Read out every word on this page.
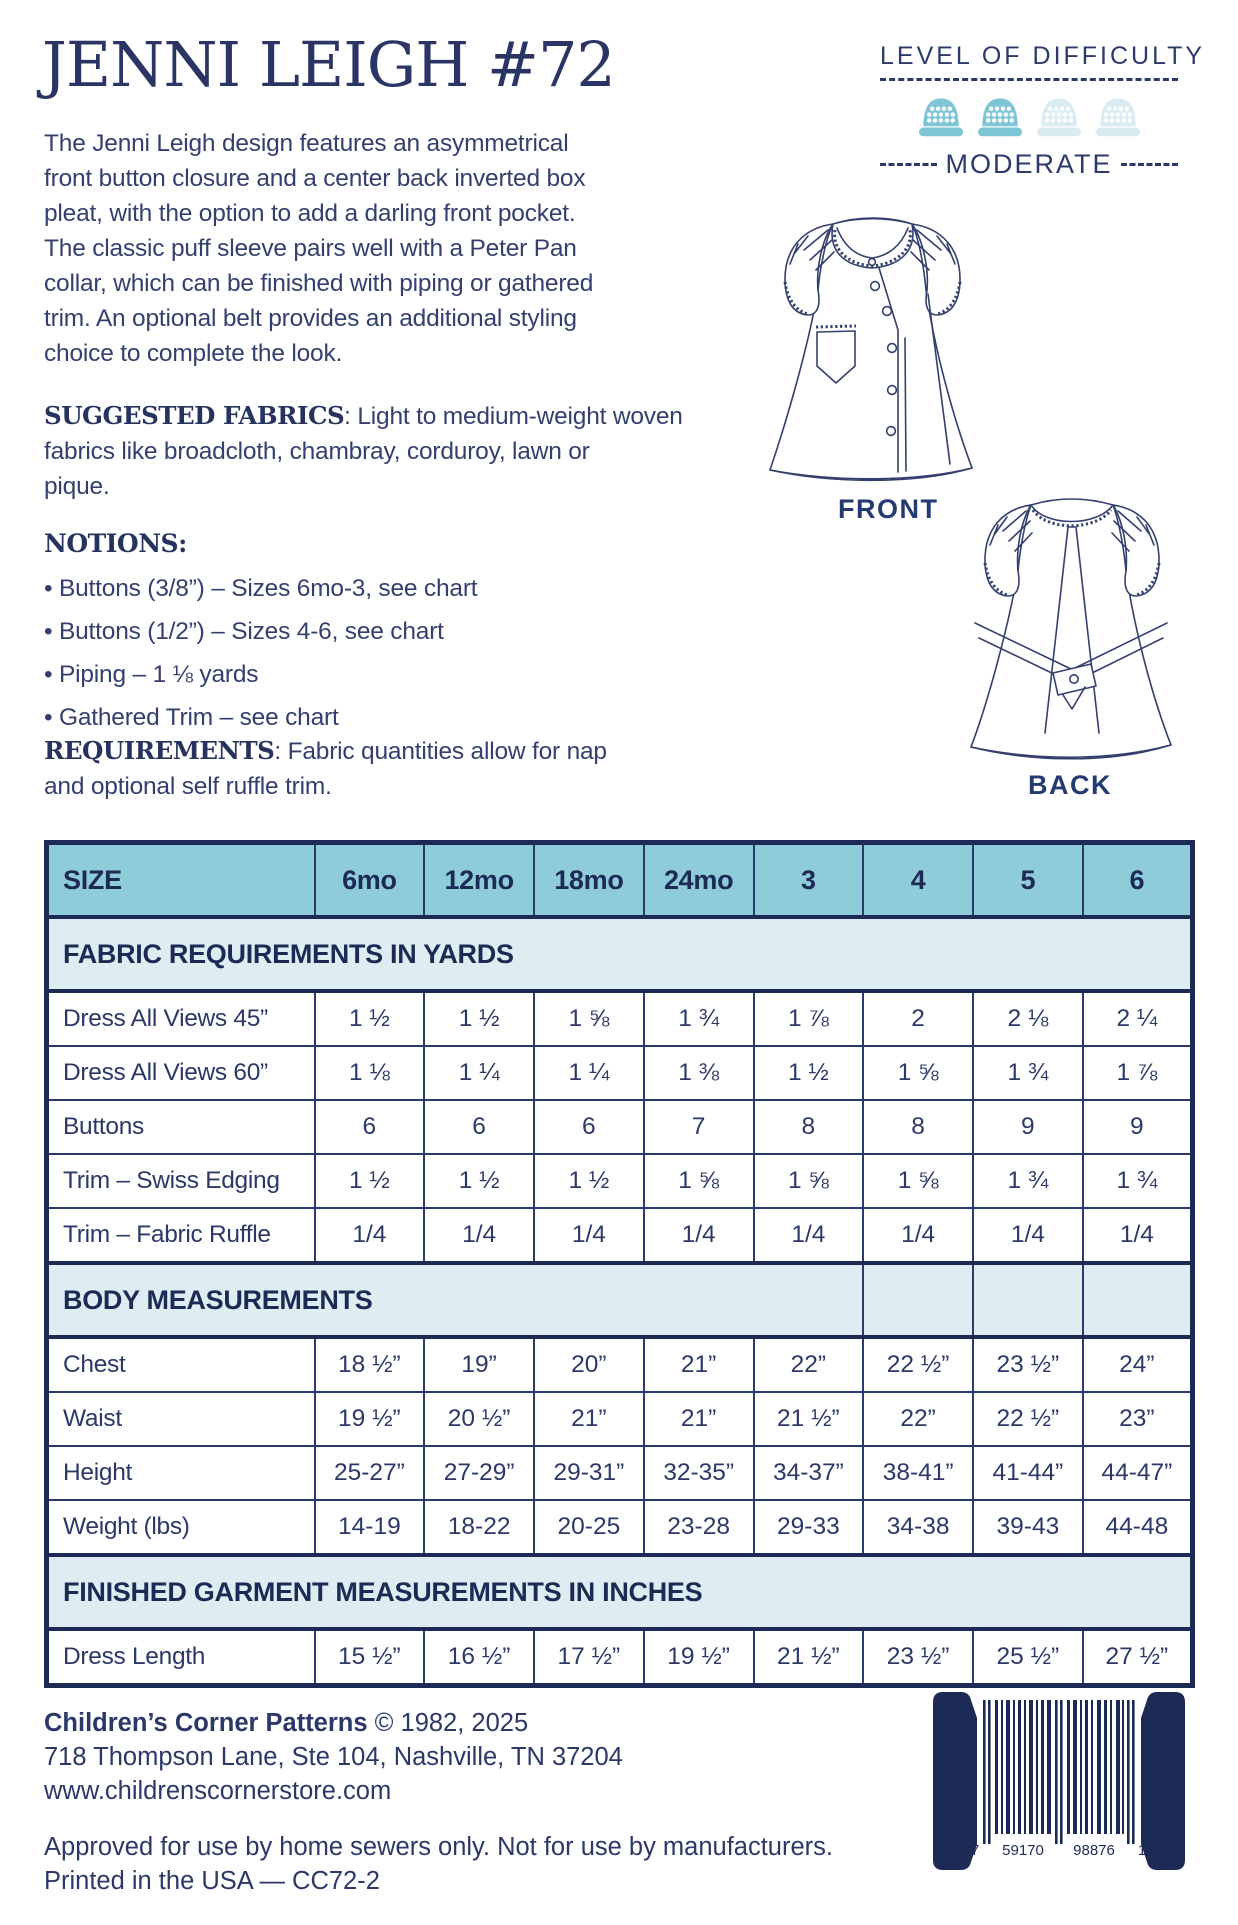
JENNI LEIGH #72
The Jenni Leigh design features an asymmetrical
front button closure and a center back inverted box
pleat, with the option to add a darling front pocket.
The classic puff sleeve pairs well with a Peter Pan
collar, which can be finished with piping or gathered
trim. An optional belt provides an additional styling
choice to complete the look.
SUGGESTED FABRICS: Light to medium-weight woven
fabrics like broadcloth, chambray, corduroy, lawn or
pique.
NOTIONS:
• Buttons (3/8”) – Sizes 6mo-3, see chart
• Buttons (1/2”) – Sizes 4-6, see chart
• Piping – 1 ⅛ yards
• Gathered Trim – see chart
REQUIREMENTS: Fabric quantities allow for nap
and optional self ruffle trim.
LEVEL OF DIFFICULTY
MODERATE
FRONT
BACK
SIZE	6mo	12mo	18mo	24mo	3	4	5	6
FABRIC REQUIREMENTS IN YARDS								
Dress All Views 45”	1 ½	1 ½	1 ⅝	1 ¾	1 ⅞	2	2 ⅛	2 ¼
Dress All Views 60”	1 ⅛	1 ¼	1 ¼	1 ⅜	1 ½	1 ⅝	1 ¾	1 ⅞
Buttons	6	6	6	7	8	8	9	9
Trim – Swiss Edging	1 ½	1 ½	1 ½	1 ⅝	1 ⅝	1 ⅝	1 ¾	1 ¾
Trim – Fabric Ruffle	1/4	1/4	1/4	1/4	1/4	1/4	1/4	1/4
BODY MEASUREMENTS								
Chest	18 ½”	19”	20”	21”	22”	22 ½”	23 ½”	24”
Waist	19 ½”	20 ½”	21”	21”	21 ½”	22”	22 ½”	23”
Height	25-27”	27-29”	29-31”	32-35”	34-37”	38-41”	41-44”	44-47”
Weight (lbs)	14-19	18-22	20-25	23-28	29-33	34-38	39-43	44-48
FINISHED GARMENT MEASUREMENTS IN INCHES								
Dress Length	15 ½”	16 ½”	17 ½”	19 ½”	21 ½”	23 ½”	25 ½”	27 ½”
Children’s Corner Patterns © 1982, 2025
718 Thompson Lane, Ste 104, Nashville, TN 37204
www.childrenscornerstore.com
Approved for use by home sewers only. Not for use by manufacturers.
Printed in the USA — CC72-2
7 59170 98876 1
